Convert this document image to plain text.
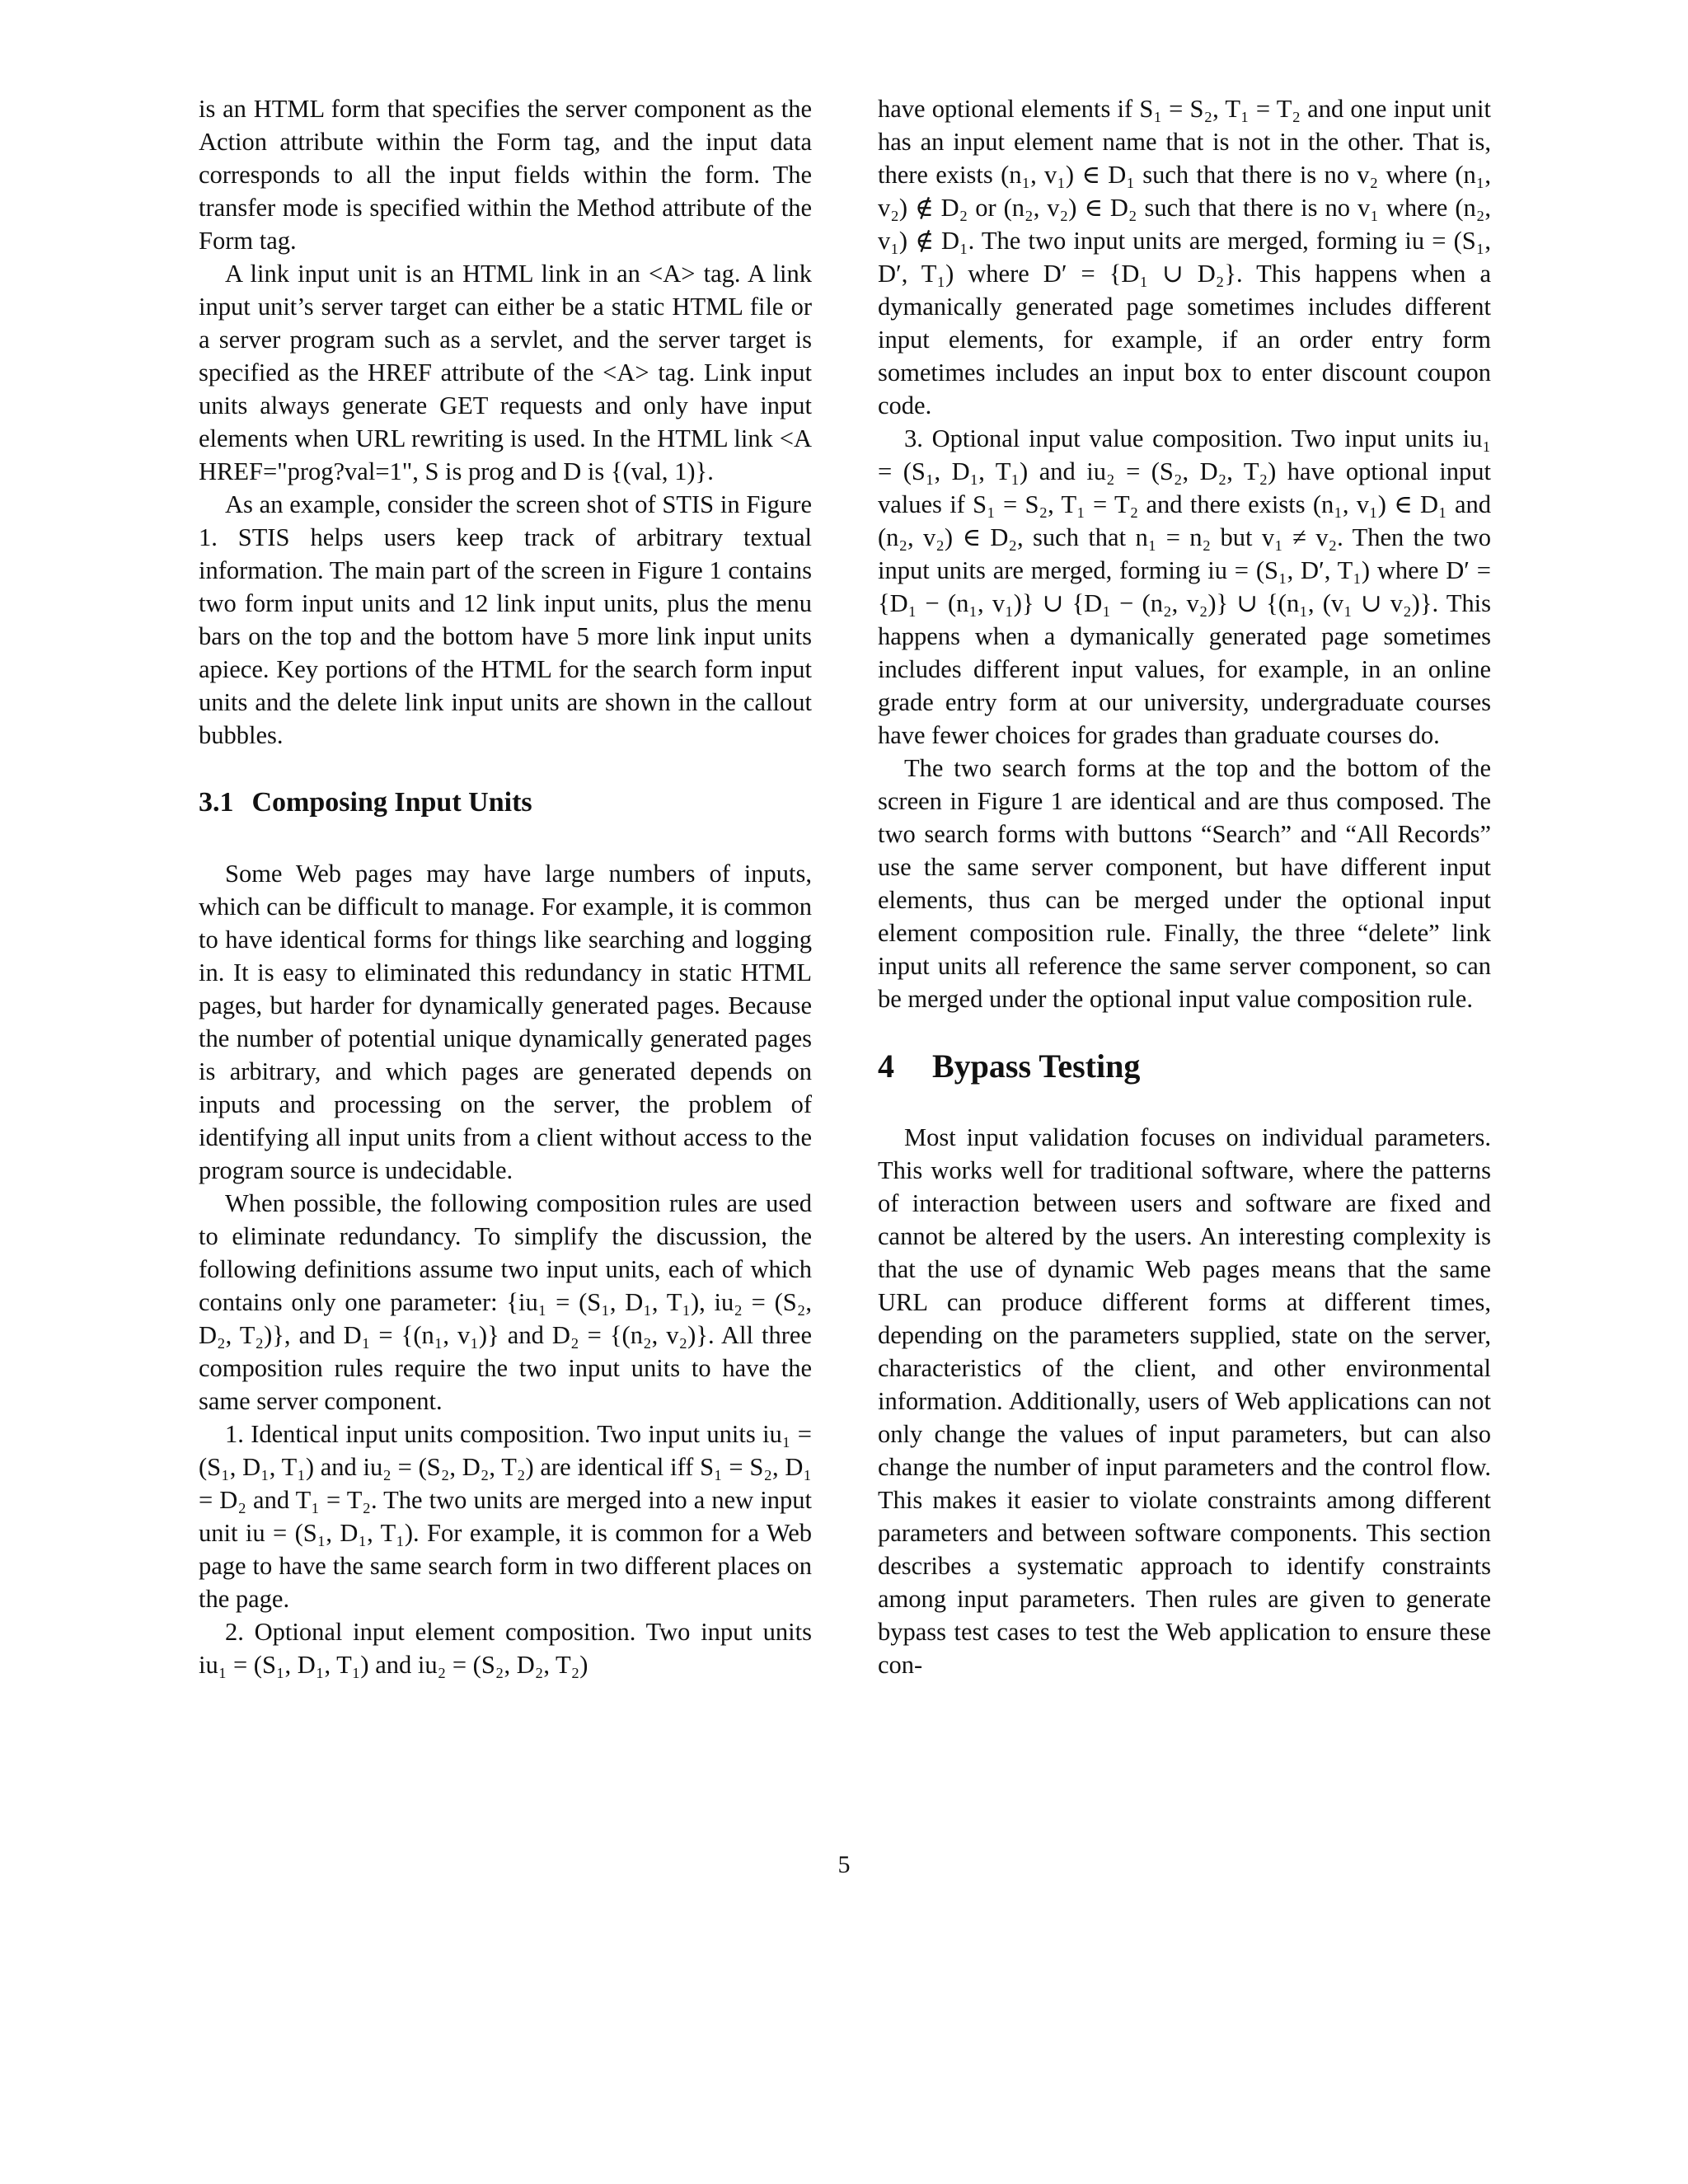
is an HTML form that specifies the server component as the Action attribute within the Form tag, and the input data corresponds to all the input fields within the form. The transfer mode is specified within the Method attribute of the Form tag.

A link input unit is an HTML link in an <A> tag. A link input unit’s server target can either be a static HTML file or a server program such as a servlet, and the server target is specified as the HREF attribute of the <A> tag. Link input units always generate GET requests and only have input elements when URL rewriting is used. In the HTML link <A HREF="prog?val=1", S is prog and D is {(val, 1)}.

As an example, consider the screen shot of STIS in Figure 1. STIS helps users keep track of arbitrary textual information. The main part of the screen in Figure 1 contains two form input units and 12 link input units, plus the menu bars on the top and the bottom have 5 more link input units apiece. Key portions of the HTML for the search form input units and the delete link input units are shown in the callout bubbles.

3.1 Composing Input Units

Some Web pages may have large numbers of inputs, which can be difficult to manage. For example, it is common to have identical forms for things like searching and logging in. It is easy to eliminated this redundancy in static HTML pages, but harder for dynamically generated pages. Because the number of potential unique dynamically generated pages is arbitrary, and which pages are generated depends on inputs and processing on the server, the problem of identifying all input units from a client without access to the program source is undecidable.

When possible, the following composition rules are used to eliminate redundancy. To simplify the discussion, the following definitions assume two input units, each of which contains only one parameter: {iu₁ = (S₁, D₁, T₁), iu₂ = (S₂, D₂, T₂)}, and D₁ = {(n₁, v₁)} and D₂ = {(n₂, v₂)}. All three composition rules require the two input units to have the same server component.

1. Identical input units composition. Two input units iu₁ = (S₁, D₁, T₁) and iu₂ = (S₂, D₂, T₂) are identical iff S₁ = S₂, D₁ = D₂ and T₁ = T₂. The two units are merged into a new input unit iu = (S₁, D₁, T₁). For example, it is common for a Web page to have the same search form in two different places on the page.

2. Optional input element composition. Two input units iu₁ = (S₁, D₁, T₁) and iu₂ = (S₂, D₂, T₂)

have optional elements if S₁ = S₂, T₁ = T₂ and one input unit has an input element name that is not in the other. That is, there exists (n₁, v₁) ∈ D₁ such that there is no v₂ where (n₁, v₂) ∉ D₂ or (n₂, v₂) ∈ D₂ such that there is no v₁ where (n₂, v₁) ∉ D₁. The two input units are merged, forming iu = (S₁, D′, T₁) where D′ = {D₁ ∪ D₂}. This happens when a dymanically generated page sometimes includes different input elements, for example, if an order entry form sometimes includes an input box to enter discount coupon code.

3. Optional input value composition. Two input units iu₁ = (S₁, D₁, T₁) and iu₂ = (S₂, D₂, T₂) have optional input values if S₁ = S₂, T₁ = T₂ and there exists (n₁, v₁) ∈ D₁ and (n₂, v₂) ∈ D₂, such that n₁ = n₂ but v₁ ≠ v₂. Then the two input units are merged, forming iu = (S₁, D′, T₁) where D′ = {D₁ − (n₁, v₁)} ∪ {D₁ − (n₂, v₂)} ∪ {(n₁, (v₁ ∪ v₂)}. This happens when a dymanically generated page sometimes includes different input values, for example, in an online grade entry form at our university, undergraduate courses have fewer choices for grades than graduate courses do.

The two search forms at the top and the bottom of the screen in Figure 1 are identical and are thus composed. The two search forms with buttons “Search” and “All Records” use the same server component, but have different input elements, thus can be merged under the optional input element composition rule. Finally, the three “delete” link input units all reference the same server component, so can be merged under the optional input value composition rule.

4 Bypass Testing

Most input validation focuses on individual parameters. This works well for traditional software, where the patterns of interaction between users and software are fixed and cannot be altered by the users. An interesting complexity is that the use of dynamic Web pages means that the same URL can produce different forms at different times, depending on the parameters supplied, state on the server, characteristics of the client, and other environmental information. Additionally, users of Web applications can not only change the values of input parameters, but can also change the number of input parameters and the control flow. This makes it easier to violate constraints among different parameters and between software components. This section describes a systematic approach to identify constraints among input parameters. Then rules are given to generate bypass test cases to test the Web application to ensure these con-

5
